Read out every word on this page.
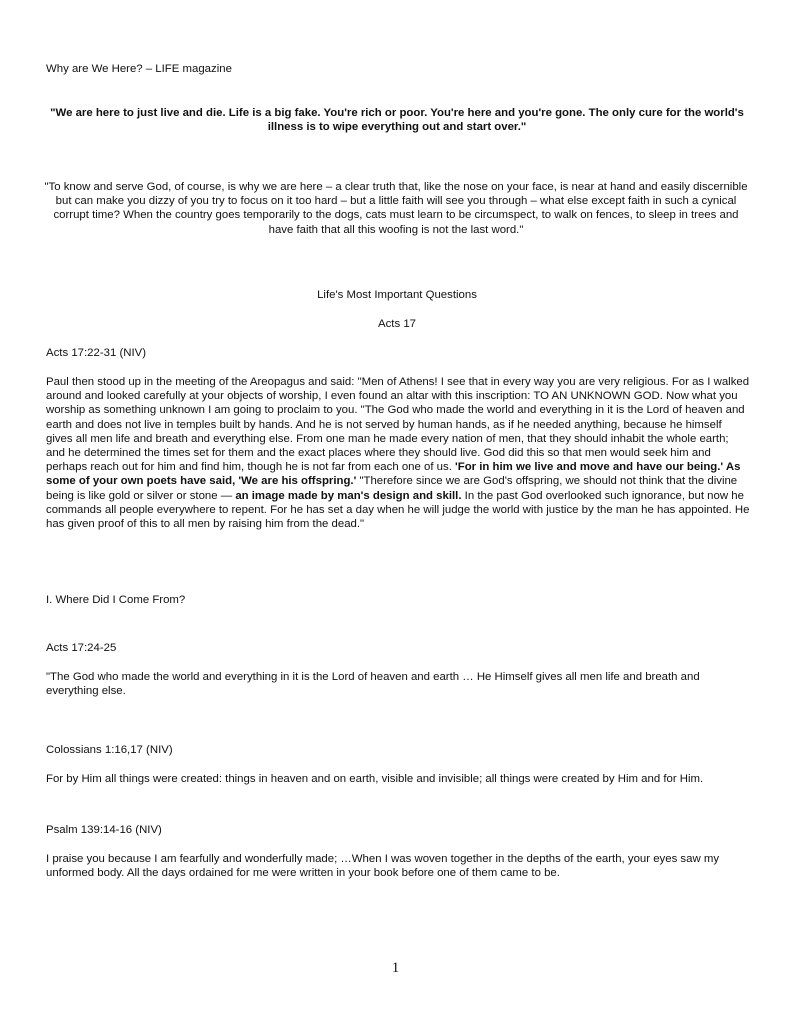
Why are We Here? – LIFE magazine

"We are here to just live and die. Life is a big fake. You're rich or poor. You're here and you're gone. The only cure for the world's illness is to wipe everything out and start over."

"To know and serve God, of course, is why we are here – a clear truth that, like the nose on your face, is near at hand and easily discernible but can make you dizzy of you try to focus on it too hard – but a little faith will see you through – what else except faith in such a cynical corrupt time? When the country goes temporarily to the dogs, cats must learn to be circumspect, to walk on fences, to sleep in trees and
have faith that all this woofing is not the last word."

Life's Most Important Questions

Acts 17

Acts 17:22-31 (NIV)

Paul then stood up in the meeting of the Areopagus and said: "Men of Athens! I see that in every way you are very religious. For as I walked around and looked carefully at your objects of worship, I even found an altar with this inscription: TO AN UNKNOWN GOD. Now what you worship as something unknown I am going to proclaim to you. "The God who made the world and everything in it is the Lord of heaven and earth and does not live in temples built by hands. And he is not served by human hands, as if he needed anything, because he himself gives all men life and breath and everything else. From one man he made every nation of men, that they should inhabit the whole earth; and he determined the times set for them and the exact places where they should live. God did this so that men would seek him and perhaps reach out for him and find him, though he is not far from each one of us. 'For in him we live and move and have our being.' As some of your own poets have said, 'We are his offspring.' "Therefore since we are God's offspring, we should not think that the divine being is like gold or silver or stone — an image made by man's design and skill. In the past God overlooked such ignorance, but now he commands all people everywhere to repent. For he has set a day when he will judge the world with justice by the man he has appointed. He has given proof of this to all men by raising him from the dead."

I. Where Did I Come From?

Acts 17:24-25

"The God who made the world and everything in it is the Lord of heaven and earth … He Himself gives all men life and breath and everything else.

Colossians 1:16,17 (NIV)

For by Him all things were created: things in heaven and on earth, visible and invisible; all things were created by Him and for Him.

Psalm 139:14-16 (NIV)

I praise you because I am fearfully and wonderfully made; …When I was woven together in the depths of the earth, your eyes saw my unformed body. All the days ordained for me were written in your book before one of them came to be.

1
